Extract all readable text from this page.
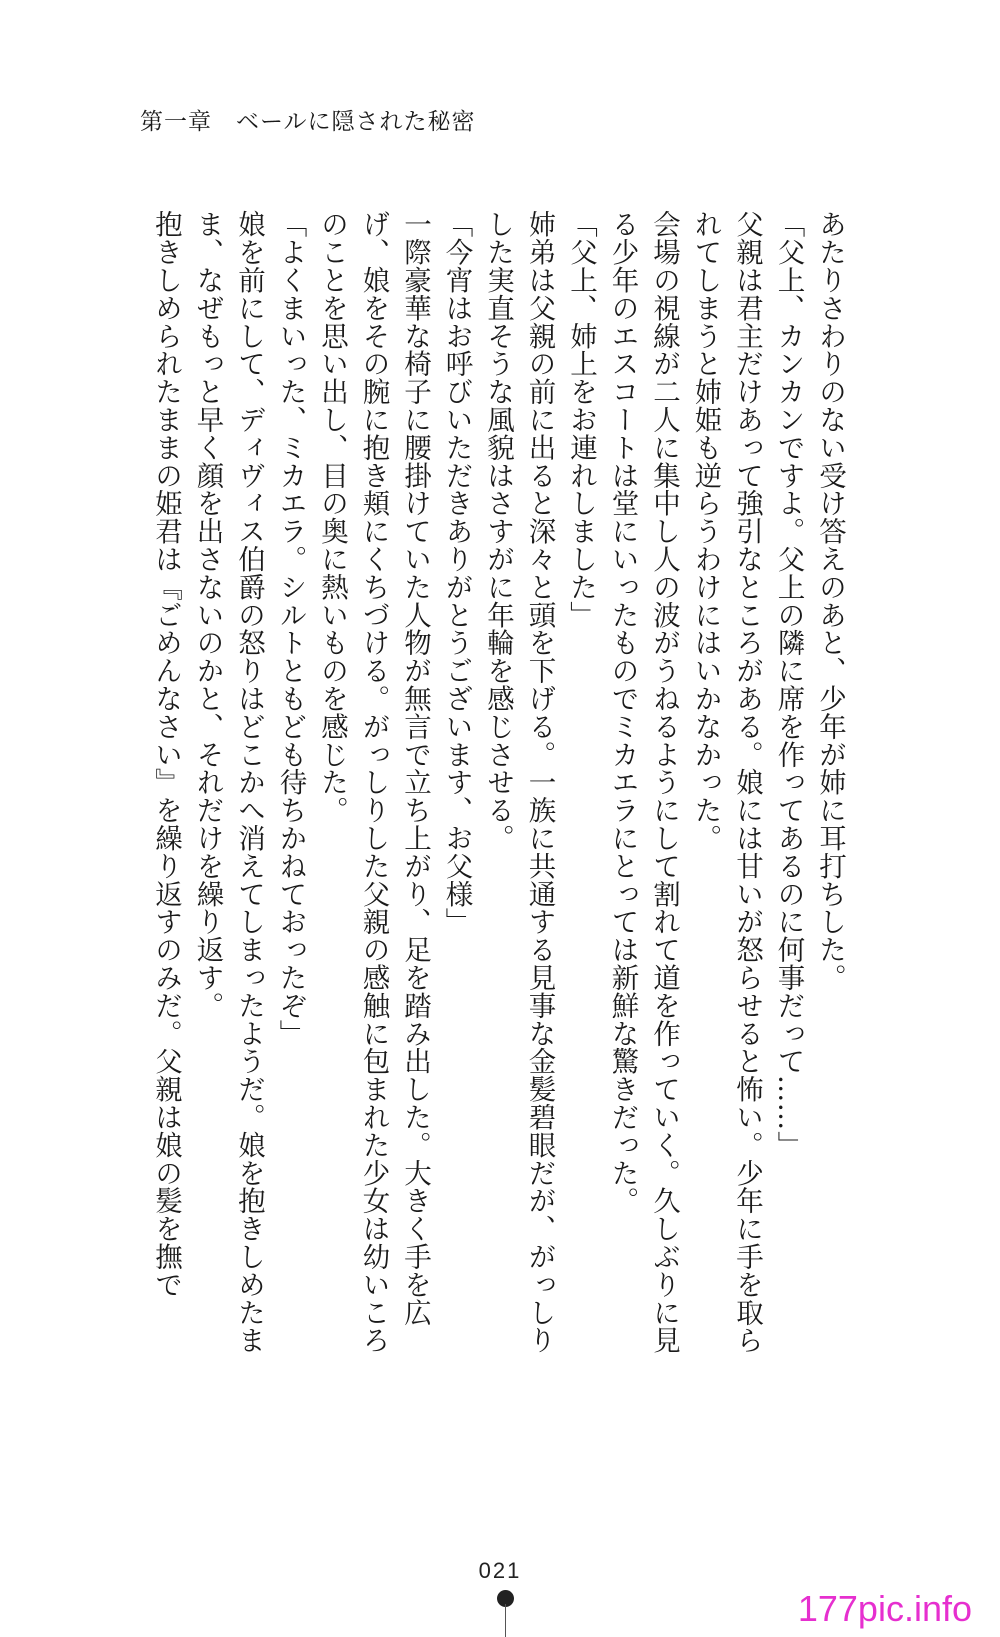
第一章　ベールに隠された秘密

あたりさわりのない受け答えのあと、少年が姉に耳打ちした。

「父上、カンカンですよ。父上の隣に席を作ってあるのに何事だって……」

父親は君主だけあって強引なところがある。娘には甘いが怒らせると怖い。少年に手を取られてしまうと姉姫も逆らうわけにはいかなかった。

会場の視線が二人に集中し人の波がうねるようにして割れて道を作っていく。久しぶりに見る少年のエスコートは堂にいったものでミカエラにとっては新鮮な驚きだった。

「父上、姉上をお連れしました」

姉弟は父親の前に出ると深々と頭を下げる。一族に共通する見事な金髪碧眼だが、がっしりした実直そうな風貌はさすがに年輪を感じさせる。

「今宵はお呼びいただきありがとうございます、お父様」

一際豪華な椅子に腰掛けていた人物が無言で立ち上がり、足を踏み出した。大きく手を広げ、娘をその腕に抱き頬にくちづける。がっしりした父親の感触に包まれた少女は幼いころのことを思い出し、目の奥に熱いものを感じた。

「よくまいった、ミカエラ。シルトともども待ちかねておったぞ」

娘を前にして、ディヴィス伯爵の怒りはどこかへ消えてしまったようだ。娘を抱きしめたまま、なぜもっと早く顔を出さないのかと、それだけを繰り返す。

抱きしめられたままの姫君は『ごめんなさい』を繰り返すのみだ。父親は娘の髪を撫で

021
177pic.info
